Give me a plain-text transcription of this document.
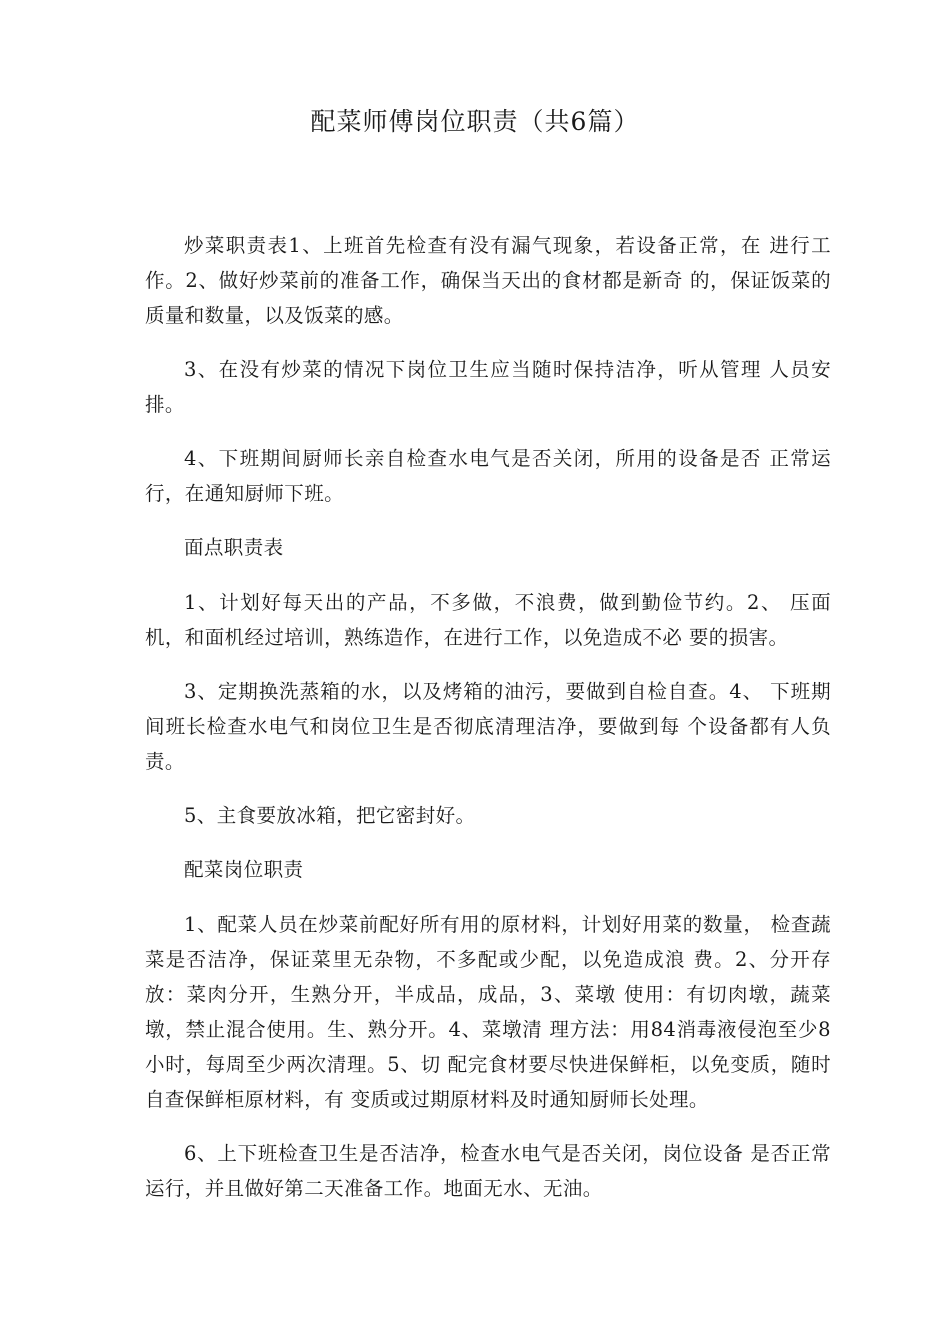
配菜师傅岗位职责（共6篇）

炒菜职责表1、上班首先检查有没有漏气现象，若设备正常，在 进行工作。2、做好炒菜前的准备工作，确保当天出的食材都是新奇 的，保证饭菜的质量和数量，以及饭菜的感。

3、在没有炒菜的情况下岗位卫生应当随时保持洁净，听从管理 人员安排。

4、下班期间厨师长亲自检查水电气是否关闭，所用的设备是否 正常运行，在通知厨师下班。

面点职责表

1、计划好每天出的产品，不多做，不浪费，做到勤俭节约。2、 压面机，和面机经过培训，熟练造作，在进行工作，以免造成不必 要的损害。

3、定期换洗蒸箱的水，以及烤箱的油污，要做到自检自查。4、 下班期间班长检查水电气和岗位卫生是否彻底清理洁净，要做到每 个设备都有人负责。

5、主食要放冰箱，把它密封好。

配菜岗位职责

1、配菜人员在炒菜前配好所有用的原材料，计划好用菜的数量， 检查蔬菜是否洁净，保证菜里无杂物，不多配或少配，以免造成浪 费。2、分开存放：菜肉分开，生熟分开，半成品，成品，3、菜墩 使用：有切肉墩，蔬菜墩，禁止混合使用。生、熟分开。4、菜墩清 理方法：用84消毒液侵泡至少8小时，每周至少两次清理。5、切 配完食材要尽快进保鲜柜，以免变质，随时自查保鲜柜原材料，有 变质或过期原材料及时通知厨师长处理。

6、上下班检查卫生是否洁净，检查水电气是否关闭，岗位设备 是否正常运行，并且做好第二天准备工作。地面无水、无油。
